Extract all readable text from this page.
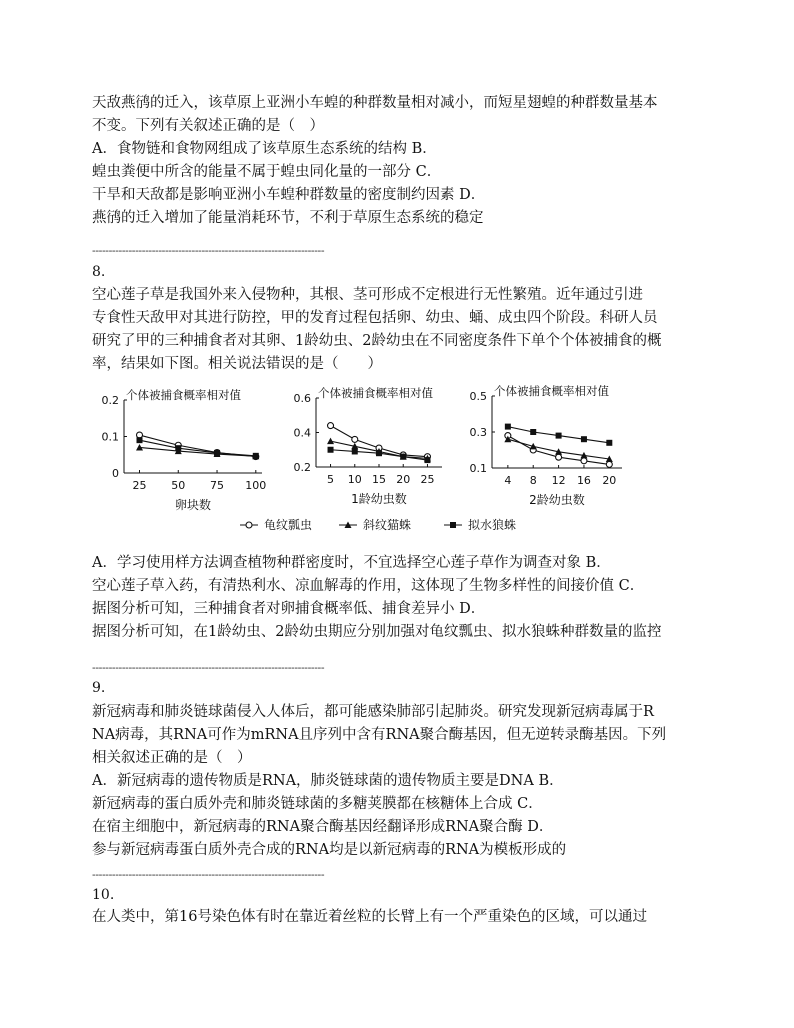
天敌燕鸻的迁入，该草原上亚洲小车蝗的种群数量相对减小，而短星翅蝗的种群数量基本
不变。下列有关叙述正确的是（　）
A．食物链和食物网组成了该草原生态系统的结构 B．
蝗虫粪便中所含的能量不属于蝗虫同化量的一部分 C．
干旱和天敌都是影响亚洲小车蝗种群数量的密度制约因素 D．
燕鸻的迁入增加了能量消耗环节，不利于草原生态系统的稳定
----------------------------------------------------------------------
8.
空心莲子草是我国外来入侵物种，其根、茎可形成不定根进行无性繁殖。近年通过引进
专食性天敌甲对其进行防控，甲的发育过程包括卵、幼虫、蛹、成虫四个阶段。科研人员
研究了甲的三种捕食者对其卵、1龄幼虫、2龄幼虫在不同密度条件下单个个体被捕食的概
率，结果如下图。相关说法错误的是（　　）
0
0.1
0.2
25 50 75 100
个体被捕食概率相对值
卵块数
0.2
0.4
0.6
5 10 15 20 25
个体被捕食概率相对值
1龄幼虫数
0.1
0.3
0.5
4 8 12 16 20
个体被捕食概率相对值
2龄幼虫数
龟纹瓢虫	斜纹猫蛛	拟水狼蛛
A．学习使用样方法调查植物种群密度时，不宜选择空心莲子草作为调查对象 B．
空心莲子草入药，有清热利水、凉血解毒的作用，这体现了生物多样性的间接价值 C．
据图分析可知，三种捕食者对卵捕食概率低、捕食差异小 D．
据图分析可知，在1龄幼虫、2龄幼虫期应分别加强对龟纹瓢虫、拟水狼蛛种群数量的监控
----------------------------------------------------------------------
9.
新冠病毒和肺炎链球菌侵入人体后，都可能感染肺部引起肺炎。研究发现新冠病毒属于R
NA病毒，其RNA可作为mRNA且序列中含有RNA聚合酶基因，但无逆转录酶基因。下列
相关叙述正确的是（　）
A．新冠病毒的遗传物质是RNA，肺炎链球菌的遗传物质主要是DNA B．
新冠病毒的蛋白质外壳和肺炎链球菌的多糖荚膜都在核糖体上合成 C．
在宿主细胞中，新冠病毒的RNA聚合酶基因经翻译形成RNA聚合酶 D．
参与新冠病毒蛋白质外壳合成的RNA均是以新冠病毒的RNA为模板形成的
----------------------------------------------------------------------
10.
在人类中，第16号染色体有时在靠近着丝粒的长臂上有一个严重染色的区域，可以通过
